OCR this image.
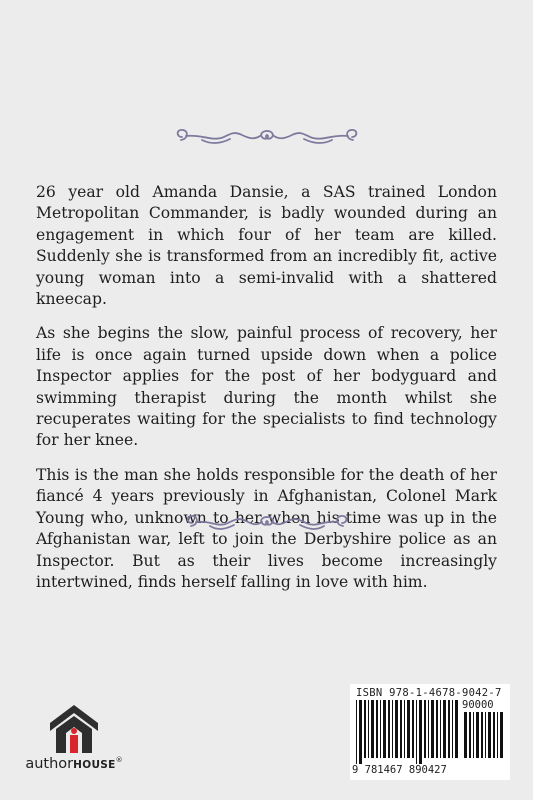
26 year old Amanda Dansie, a SAS trained London Metropolitan Commander, is badly wounded during an engagement in which four of her team are killed. Suddenly she is transformed from an incredibly fit, active young woman into a semi-invalid with a shattered kneecap.

As she begins the slow, painful process of recovery, her life is once again turned upside down when a police Inspector applies for the post of her bodyguard and swimming therapist during the month whilst she recuperates waiting for the specialists to find technology for her knee.

This is the man she holds responsible for the death of her fiancé 4 years previously in Afghanistan, Colonel Mark Young who, unknown to her when his time was up in the Afghanistan war, left to join the Derbyshire police as an Inspector. But as their lives become increasingly intertwined, finds herself falling in love with him.

authorHOUSE®
ISBN 978-1-4678-9042-7
90000
9 781467 890427
